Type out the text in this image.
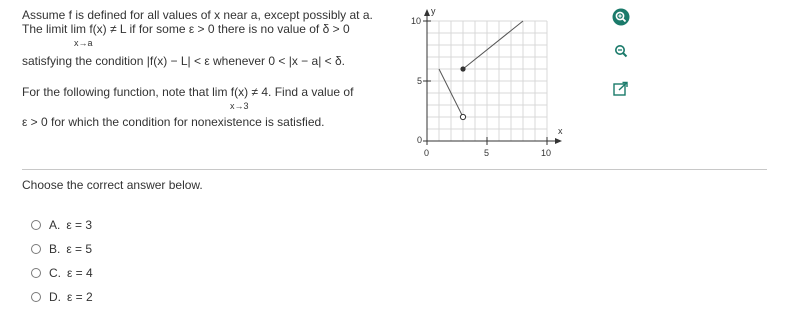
Assume f is defined for all values of x near a, except possibly at a.
The limit lim f(x) ≠ L if for some ε > 0 there is no value of δ > 0
x→a
satisfying the condition |f(x) − L| < ε whenever 0 < |x − a| < δ.
For the following function, note that lim f(x) ≠ 4. Find a value of
x→3
ε > 0 for which the condition for nonexistence is satisfied.
y
x
10
5
0
0	5	10
Choose the correct answer below.
A. ε = 3
B. ε = 5
C. ε = 4
D. ε = 2
